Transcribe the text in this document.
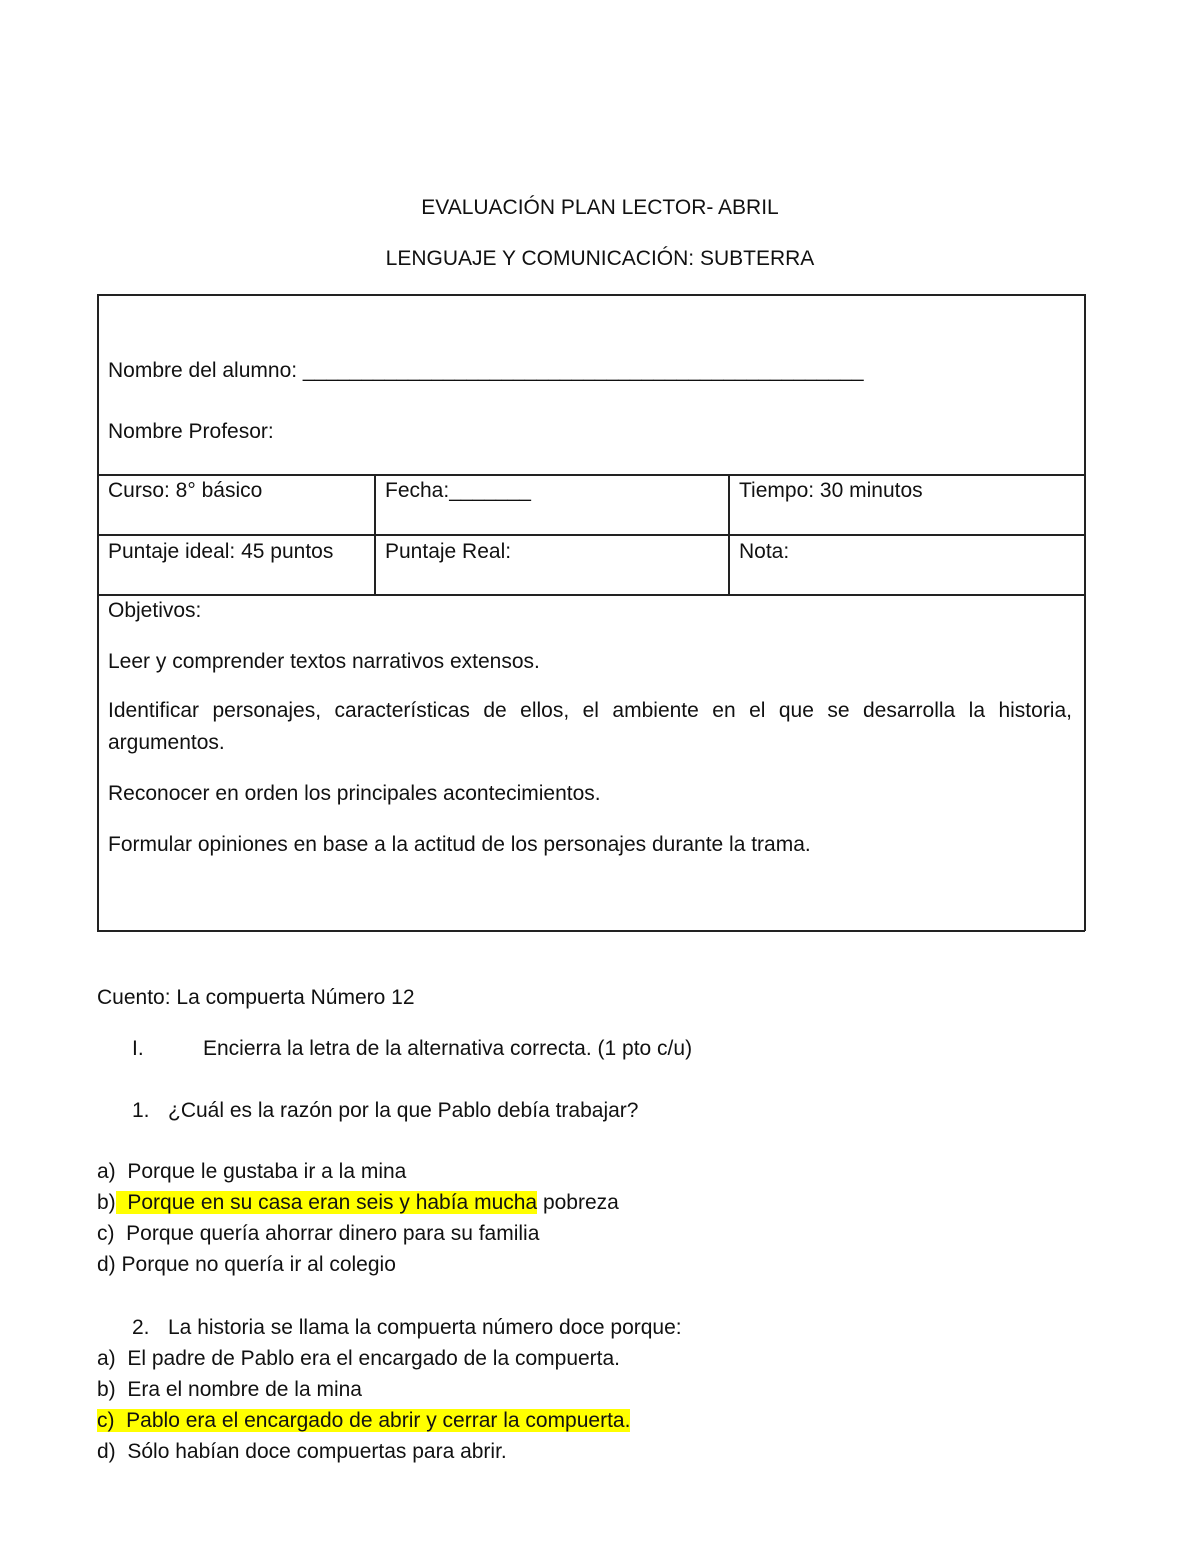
EVALUACIÓN PLAN LECTOR- ABRIL
LENGUAJE Y COMUNICACIÓN: SUBTERRA
Nombre del alumno: ________________________________________________
Nombre Profesor:
Curso: 8° básico	Fecha:_______	Tiempo: 30 minutos
Puntaje ideal: 45 puntos Puntaje Real:	Nota:
Objetivos:
Leer y comprender textos narrativos extensos.
Identificar personajes, características de ellos, el ambiente en el que se desarrolla la historia, argumentos.
Reconocer en orden los principales acontecimientos.
Formular opiniones en base a la actitud de los personajes durante la trama.
Cuento: La compuerta Número 12
I.	Encierra la letra de la alternativa correcta. (1 pto c/u)
1. ¿Cuál es la razón por la que Pablo debía trabajar?
a) Porque le gustaba ir a la mina
b) Porque en su casa eran seis y había mucha pobreza
c) Porque quería ahorrar dinero para su familia
d) Porque no quería ir al colegio
2. La historia se llama la compuerta número doce porque:
a) El padre de Pablo era el encargado de la compuerta.
b) Era el nombre de la mina
c) Pablo era el encargado de abrir y cerrar la compuerta.
d) Sólo habían doce compuertas para abrir.
